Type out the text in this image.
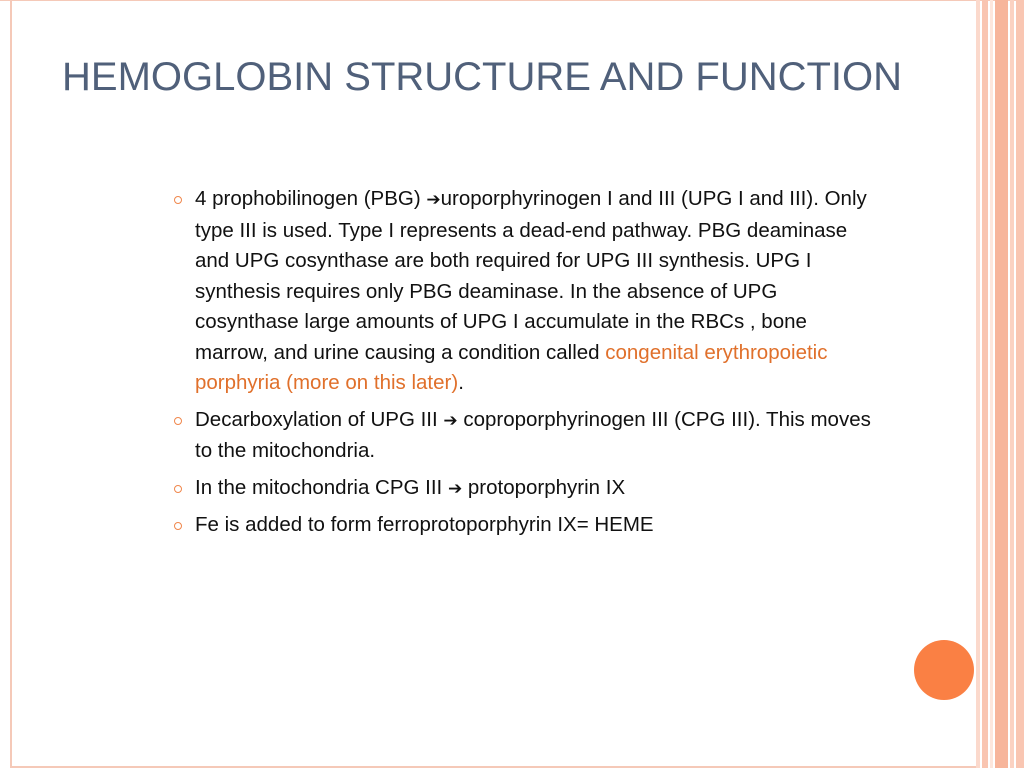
HEMOGLOBIN STRUCTURE AND FUNCTION
4 prophobilinogen (PBG) ➔uroporphyrinogen I and III (UPG I and III). Only type III is used. Type I represents a dead-end pathway. PBG deaminase and UPG cosynthase are both required for UPG III synthesis. UPG I synthesis requires only PBG deaminase. In the absence of UPG cosynthase large amounts of UPG I accumulate in the RBCs , bone marrow, and urine causing a condition called congenital erythropoietic porphyria (more on this later).
Decarboxylation of UPG III ➔ coproporphyrinogen III (CPG III). This moves to the mitochondria.
In the mitochondria CPG III ➔ protoporphyrin IX
Fe is added to form ferroprotoporphyrin IX= HEME
